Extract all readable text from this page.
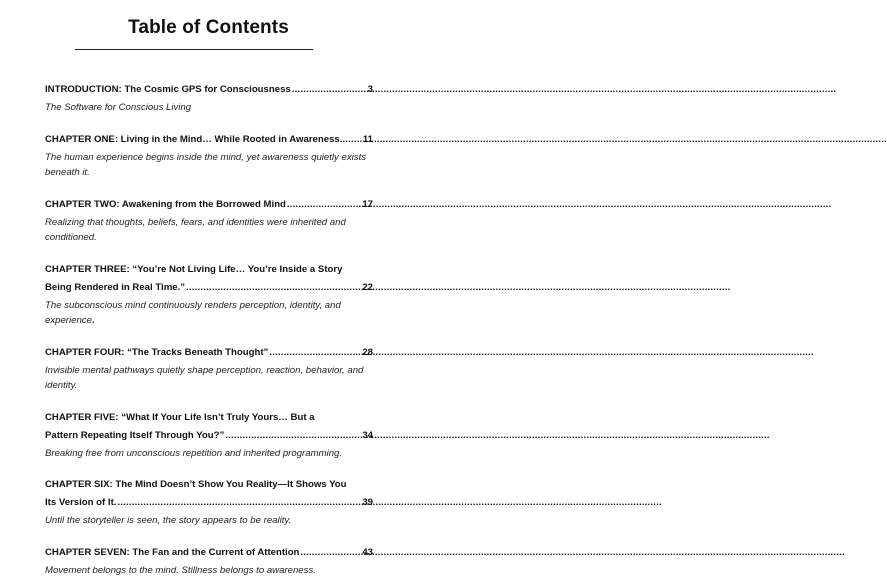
Table of Contents
INTRODUCTION: The Cosmic GPS for Consciousness .....	3
The Software for Conscious Living
CHAPTER ONE: Living in the Mind… While Rooted in Awareness. ..... 11
The human experience begins inside the mind, yet awareness quietly exists beneath it.
CHAPTER TWO: Awakening from the Borrowed Mind .....	17
Realizing that thoughts, beliefs, fears, and identities were inherited and conditioned.
CHAPTER THREE: “You’re Not Living Life… You’re Inside a Story
Being Rendered in Real Time.” .....	22
The subconscious mind continuously renders perception, identity, and experience.
CHAPTER FOUR: “The Tracks Beneath Thought” .....	28
Invisible mental pathways quietly shape perception, reaction, behavior, and identity.
CHAPTER FIVE: “What If Your Life Isn’t Truly Yours… But a
Pattern Repeating Itself Through You?” .....	34
Breaking free from unconscious repetition and inherited programming.
CHAPTER SIX: The Mind Doesn’t Show You Reality—It Shows You
Its Version of It. .....	39
Until the storyteller is seen, the story appears to be reality.
CHAPTER SEVEN: The Fan and the Current of Attention .....	43
Movement belongs to the mind. Stillness belongs to awareness.
